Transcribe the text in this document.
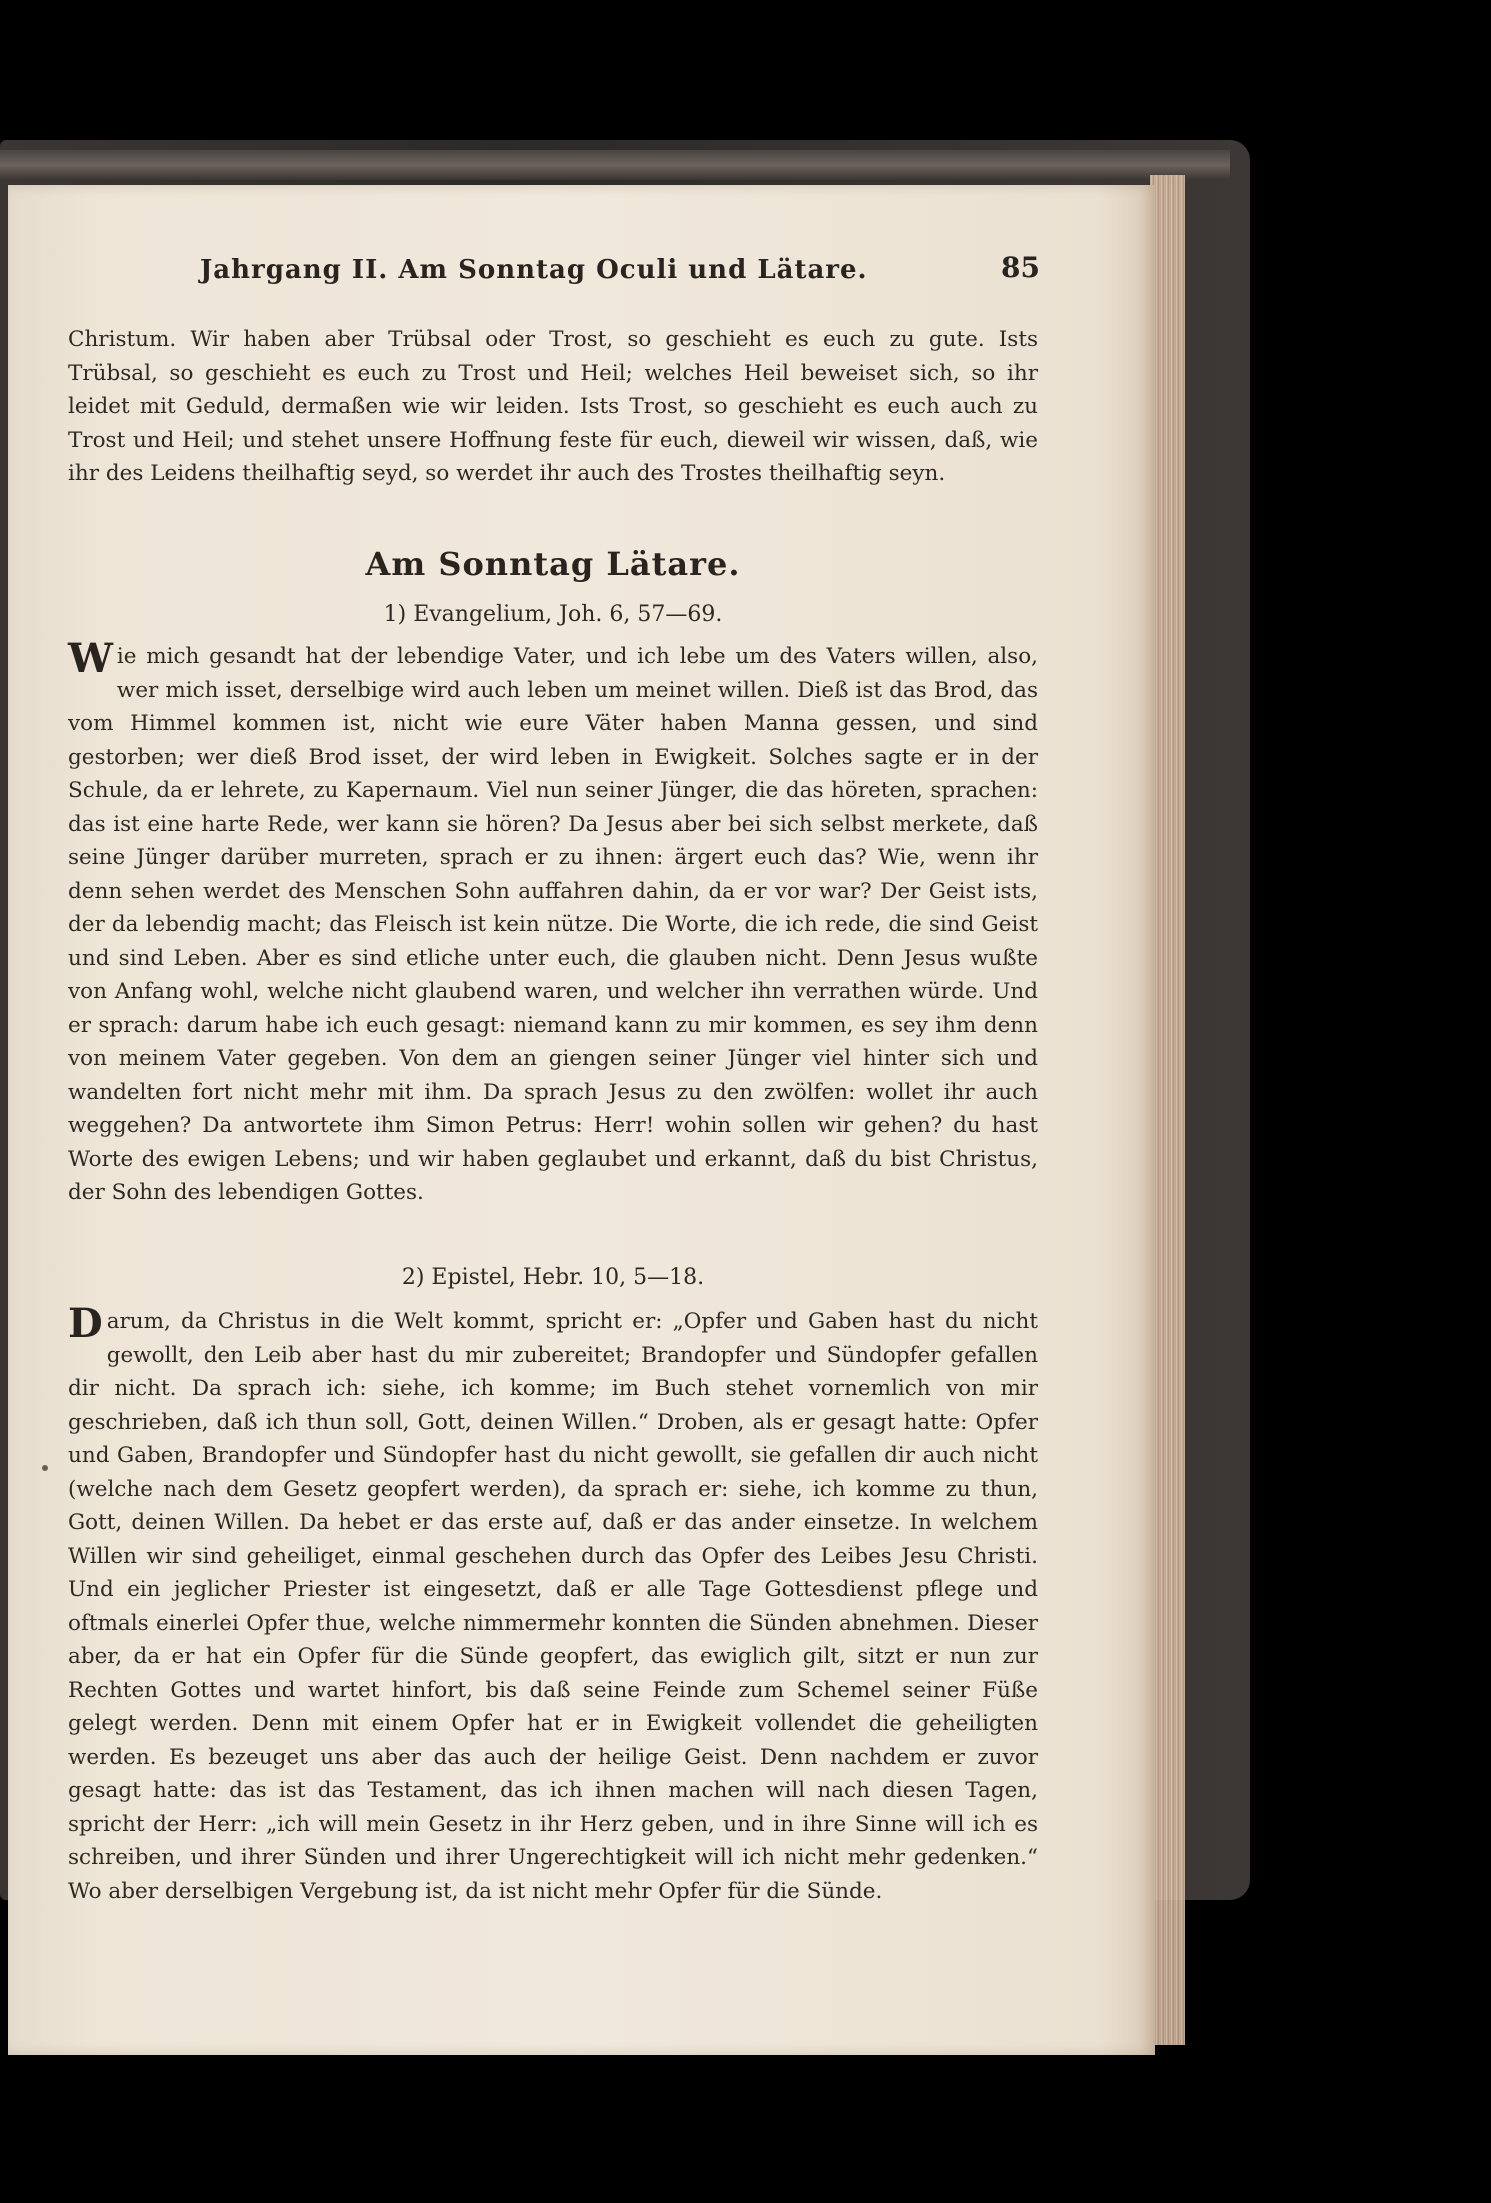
Jahrgang II. Am Sonntag Oculi und Lätare.	85

Christum. Wir haben aber Trübsal oder Trost, so geschieht es euch zu gute. Ists Trübsal, so geschieht es euch zu Trost und Heil; welches Heil beweiset sich, so ihr leidet mit Geduld, dermaßen wie wir leiden. Ists Trost, so geschieht es euch auch zu Trost und Heil; und stehet unsere Hoffnung feste für euch, dieweil wir wissen, daß, wie ihr des Leidens theilhaftig seyd, so werdet ihr auch des Trostes theilhaftig seyn.

Am Sonntag Lätare.
1) Evangelium, Joh. 6, 57—69.

Wie mich gesandt hat der lebendige Vater, und ich lebe um des Vaters willen, also, wer mich isset, derselbige wird auch leben um meinet willen. Dieß ist das Brod, das vom Himmel kommen ist, nicht wie eure Väter haben Manna gessen, und sind gestorben; wer dieß Brod isset, der wird leben in Ewigkeit. Solches sagte er in der Schule, da er lehrete, zu Kapernaum. Viel nun seiner Jünger, die das höreten, sprachen: das ist eine harte Rede, wer kann sie hören? Da Jesus aber bei sich selbst merkete, daß seine Jünger darüber murreten, sprach er zu ihnen: ärgert euch das? Wie, wenn ihr denn sehen werdet des Menschen Sohn auffahren dahin, da er vor war? Der Geist ists, der da lebendig macht; das Fleisch ist kein nütze. Die Worte, die ich rede, die sind Geist und sind Leben. Aber es sind etliche unter euch, die glauben nicht. Denn Jesus wußte von Anfang wohl, welche nicht glaubend waren, und welcher ihn verrathen würde. Und er sprach: darum habe ich euch gesagt: niemand kann zu mir kommen, es sey ihm denn von meinem Vater gegeben. Von dem an giengen seiner Jünger viel hinter sich und wandelten fort nicht mehr mit ihm. Da sprach Jesus zu den zwölfen: wollet ihr auch weggehen? Da antwortete ihm Simon Petrus: Herr! wohin sollen wir gehen? du hast Worte des ewigen Lebens; und wir haben geglaubet und erkannt, daß du bist Christus, der Sohn des lebendigen Gottes.

2) Epistel, Hebr. 10, 5—18.

Darum, da Christus in die Welt kommt, spricht er: „Opfer und Gaben hast du nicht gewollt, den Leib aber hast du mir zubereitet; Brandopfer und Sündopfer gefallen dir nicht. Da sprach ich: siehe, ich komme; im Buch stehet vornemlich von mir geschrieben, daß ich thun soll, Gott, deinen Willen.“ Droben, als er gesagt hatte: Opfer und Gaben, Brandopfer und Sündopfer hast du nicht gewollt, sie gefallen dir auch nicht (welche nach dem Gesetz geopfert werden), da sprach er: siehe, ich komme zu thun, Gott, deinen Willen. Da hebet er das erste auf, daß er das ander einsetze. In welchem Willen wir sind geheiliget, einmal geschehen durch das Opfer des Leibes Jesu Christi. Und ein jeglicher Priester ist eingesetzt, daß er alle Tage Gottesdienst pflege und oftmals einerlei Opfer thue, welche nimmermehr konnten die Sünden abnehmen. Dieser aber, da er hat ein Opfer für die Sünde geopfert, das ewiglich gilt, sitzt er nun zur Rechten Gottes und wartet hinfort, bis daß seine Feinde zum Schemel seiner Füße gelegt werden. Denn mit einem Opfer hat er in Ewigkeit vollendet die geheiligten werden. Es bezeuget uns aber das auch der heilige Geist. Denn nachdem er zuvor gesagt hatte: das ist das Testament, das ich ihnen machen will nach diesen Tagen, spricht der Herr: „ich will mein Gesetz in ihr Herz geben, und in ihre Sinne will ich es schreiben, und ihrer Sünden und ihrer Ungerechtigkeit will ich nicht mehr gedenken.“ Wo aber derselbigen Vergebung ist, da ist nicht mehr Opfer für die Sünde.
